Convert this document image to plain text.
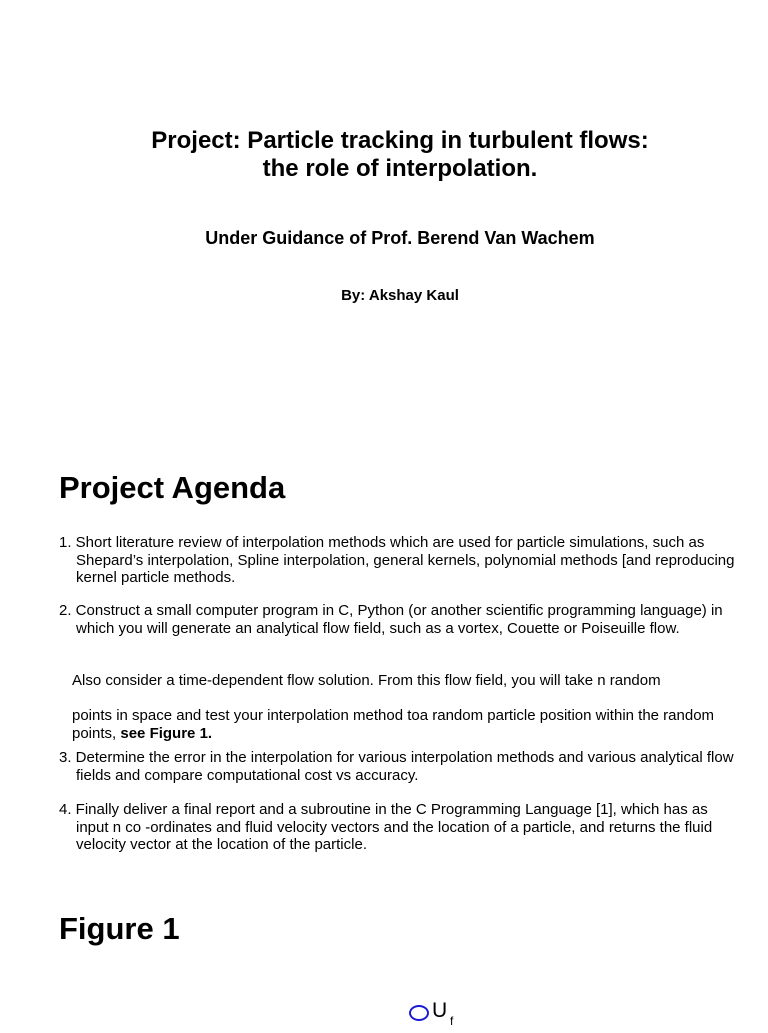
Project: Particle tracking in turbulent flows:
the role of interpolation.

Under Guidance of Prof. Berend Van Wachem

By: Akshay Kaul

Project Agenda

1. Short literature review of interpolation methods which are used for particle simulations, such as Shepard’s interpolation, Spline interpolation, general kernels, polynomial methods [and reproducing kernel particle methods.

2. Construct a small computer program in C, Python (or another scientific programming language) in which you will generate an analytical flow field, such as a vortex, Couette or Poiseuille flow.

Also consider a time-dependent flow solution. From this flow field, you will take n random

points in space and test your interpolation method toa random particle position within the random points, see Figure 1.

3. Determine the error in the interpolation for various interpolation methods and various analytical flow fields and compare computational cost vs accuracy.

4. Finally deliver a final report and a subroutine in the C Programming Language [1], which has as input n co -ordinates and fluid velocity vectors and the location of a particle, and returns the fluid velocity vector at the location of the particle.

Figure 1
U f
